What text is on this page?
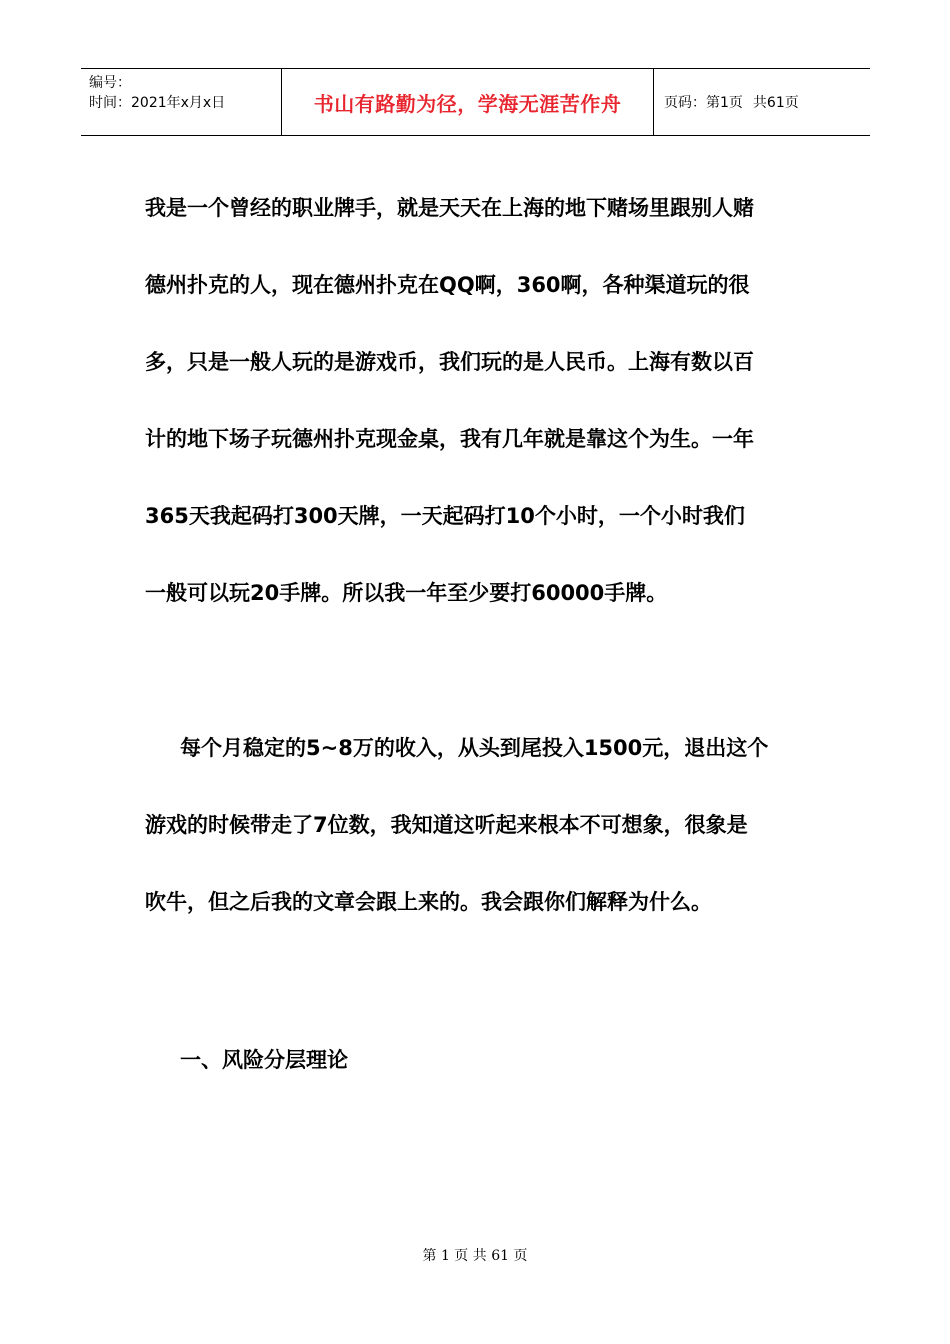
编号：
时间：2021年x月x日	书山有路勤为径，学海无涯苦作舟	页码：第1页 共61页
我是一个曾经的职业牌手，就是天天在上海的地下赌场里跟别人赌
德州扑克的人，现在德州扑克在QQ啊，360啊，各种渠道玩的很
多，只是一般人玩的是游戏币，我们玩的是人民币。上海有数以百
计的地下场子玩德州扑克现金桌，我有几年就是靠这个为生。一年
365天我起码打300天牌，一天起码打10个小时，一个小时我们
一般可以玩20手牌。所以我一年至少要打60000手牌。
每个月稳定的5~8万的收入，从头到尾投入1500元，退出这个
游戏的时候带走了7位数，我知道这听起来根本不可想象，很象是
吹牛，但之后我的文章会跟上来的。我会跟你们解释为什么。
一、风险分层理论
第 1 页 共 61 页
